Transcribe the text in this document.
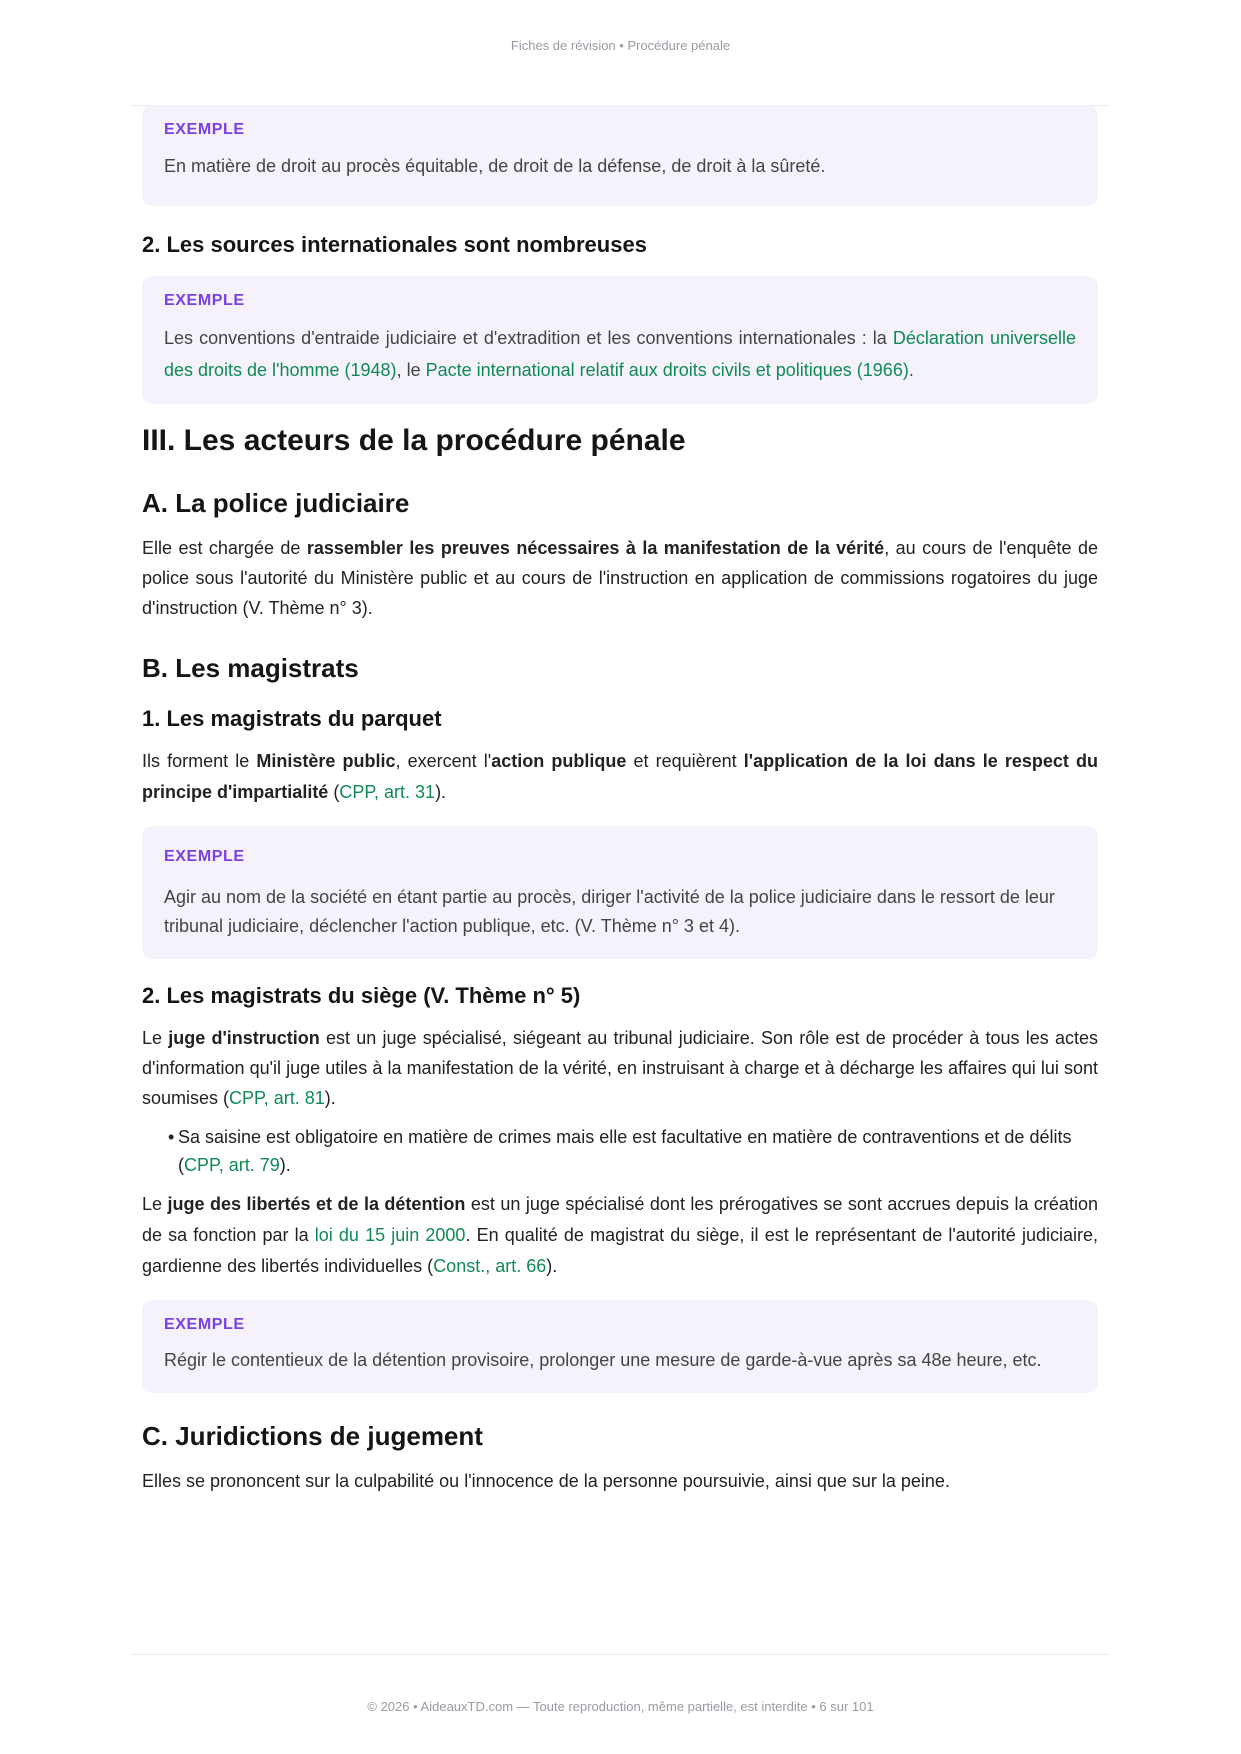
Fiches de révision • Procédure pénale
EXEMPLE
En matière de droit au procès équitable, de droit de la défense, de droit à la sûreté.
2. Les sources internationales sont nombreuses
EXEMPLE
Les conventions d'entraide judiciaire et d'extradition et les conventions internationales : la Déclaration universelle des droits de l'homme (1948), le Pacte international relatif aux droits civils et politiques (1966).
III. Les acteurs de la procédure pénale
A. La police judiciaire
Elle est chargée de rassembler les preuves nécessaires à la manifestation de la vérité, au cours de l'enquête de police sous l'autorité du Ministère public et au cours de l'instruction en application de commissions rogatoires du juge d'instruction (V. Thème n° 3).
B. Les magistrats
1. Les magistrats du parquet
Ils forment le Ministère public, exercent l'action publique et requièrent l'application de la loi dans le respect du principe d'impartialité (CPP, art. 31).
EXEMPLE
Agir au nom de la société en étant partie au procès, diriger l'activité de la police judiciaire dans le ressort de leur tribunal judiciaire, déclencher l'action publique, etc. (V. Thème n° 3 et 4).
2. Les magistrats du siège (V. Thème n° 5)
Le juge d'instruction est un juge spécialisé, siégeant au tribunal judiciaire. Son rôle est de procéder à tous les actes d'information qu'il juge utiles à la manifestation de la vérité, en instruisant à charge et à décharge les affaires qui lui sont soumises (CPP, art. 81).
• Sa saisine est obligatoire en matière de crimes mais elle est facultative en matière de contraventions et de délits (CPP, art. 79).
Le juge des libertés et de la détention est un juge spécialisé dont les prérogatives se sont accrues depuis la création de sa fonction par la loi du 15 juin 2000. En qualité de magistrat du siège, il est le représentant de l'autorité judiciaire, gardienne des libertés individuelles (Const., art. 66).
EXEMPLE
Régir le contentieux de la détention provisoire, prolonger une mesure de garde-à-vue après sa 48e heure, etc.
C. Juridictions de jugement
Elles se prononcent sur la culpabilité ou l'innocence de la personne poursuivie, ainsi que sur la peine.
© 2026 • AideauxTD.com — Toute reproduction, même partielle, est interdite • 6 sur 101
